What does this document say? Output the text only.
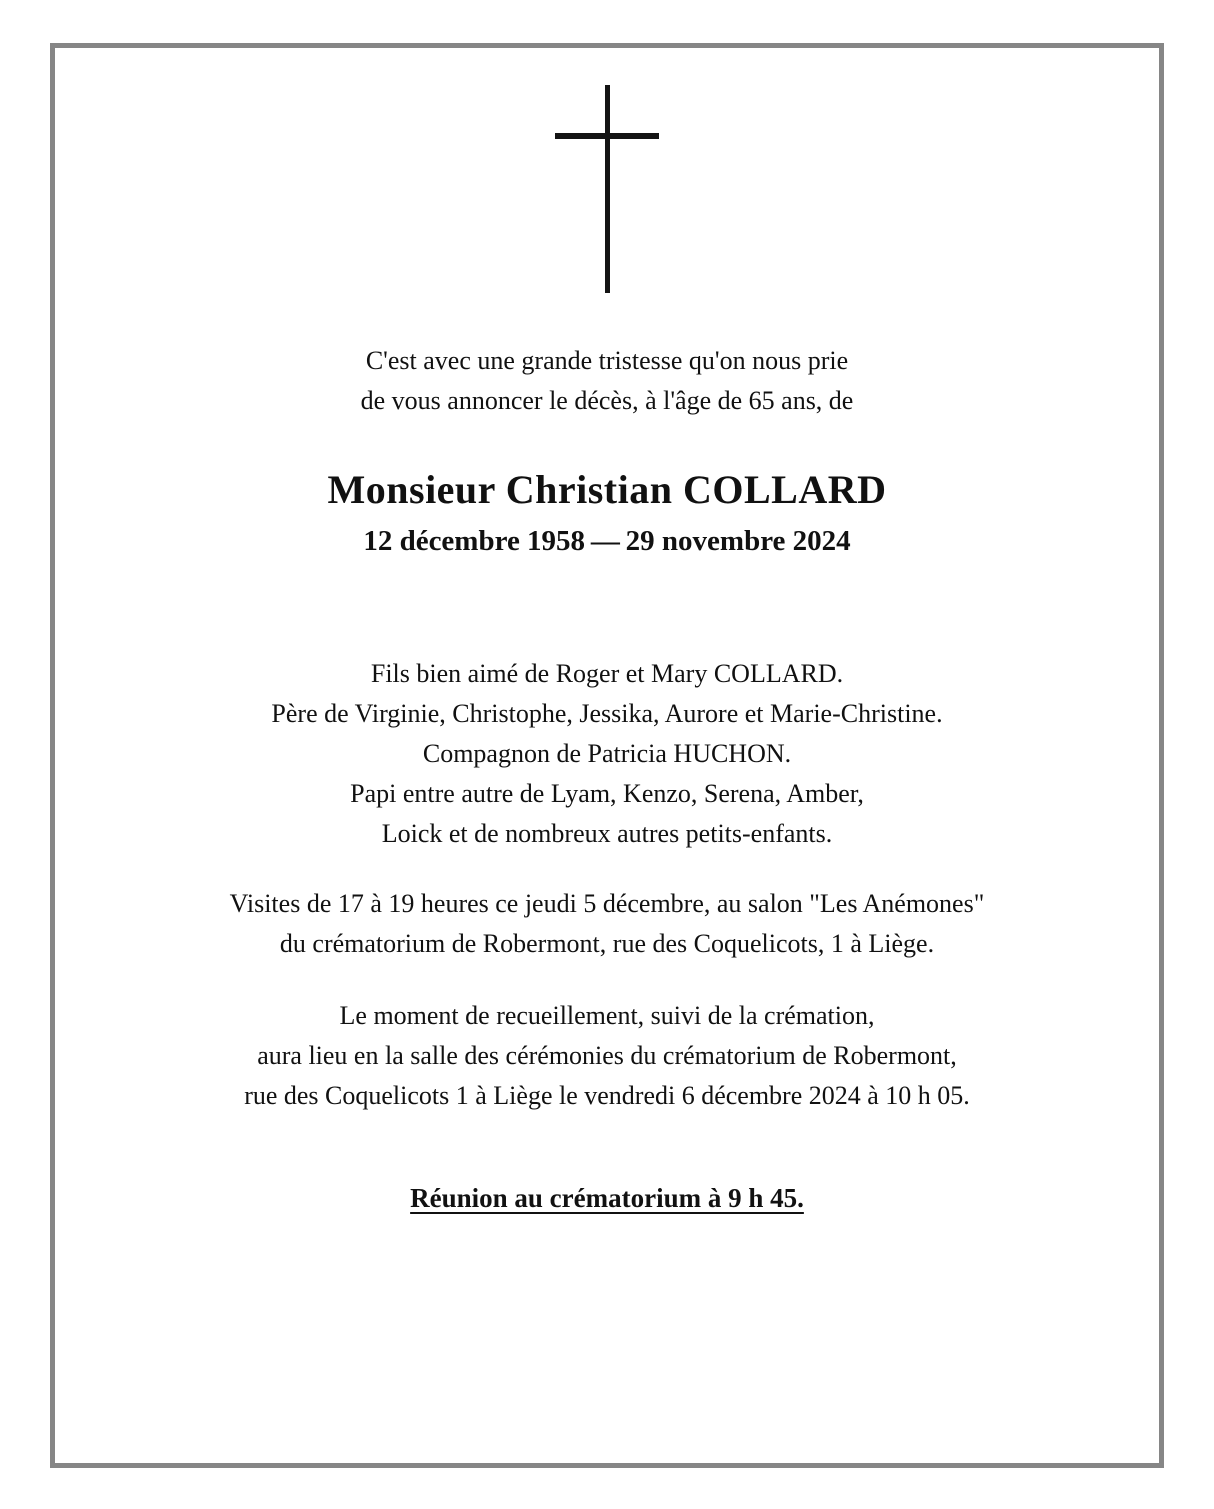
C'est avec une grande tristesse qu'on nous prie
de vous annoncer le décès, à l'âge de 65 ans, de
Monsieur Christian COLLARD
12 décembre 1958 — 29 novembre 2024
Fils bien aimé de Roger et Mary COLLARD.
Père de Virginie, Christophe, Jessika, Aurore et Marie-Christine.
Compagnon de Patricia HUCHON.
Papi entre autre de Lyam, Kenzo, Serena, Amber,
Loick et de nombreux autres petits-enfants.
Visites de 17 à 19 heures ce jeudi 5 décembre, au salon "Les Anémones"
du crématorium de Robermont, rue des Coquelicots, 1 à Liège.
Le moment de recueillement, suivi de la crémation,
aura lieu en la salle des cérémonies du crématorium de Robermont,
rue des Coquelicots 1 à Liège le vendredi 6 décembre 2024 à 10 h 05.
Réunion au crématorium à 9 h 45.
